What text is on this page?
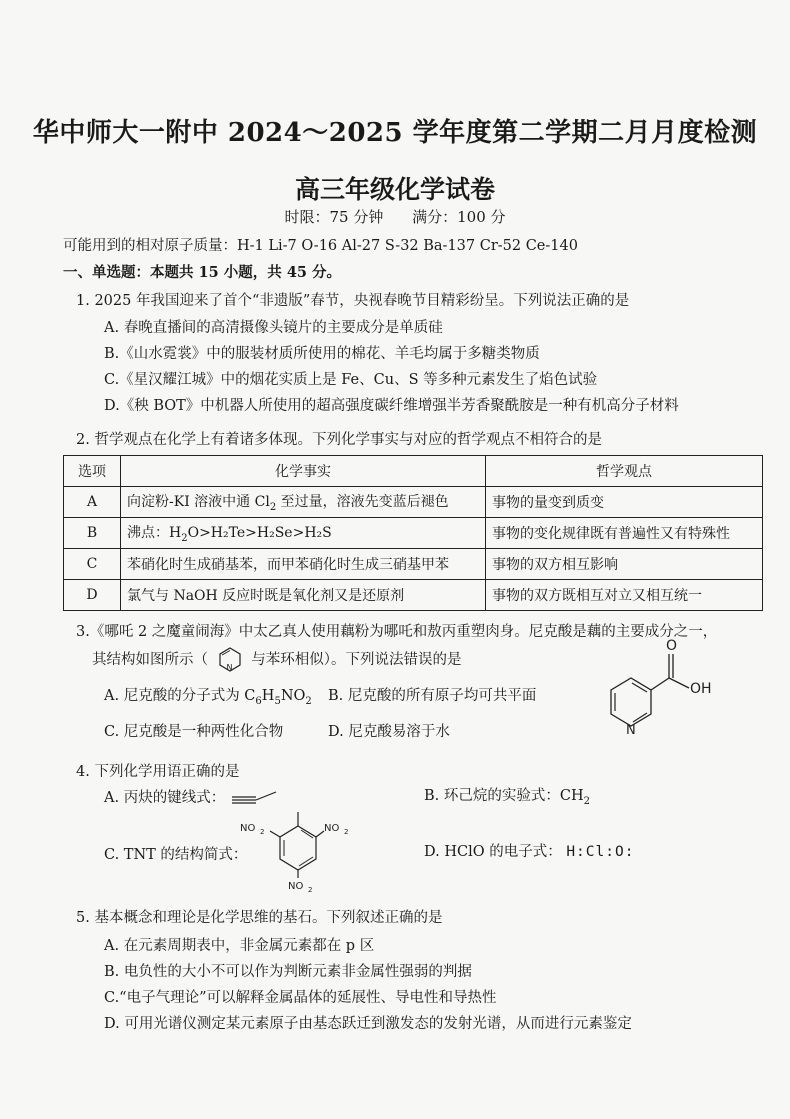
华中师大一附中 2024～2025 学年度第二学期二月月度检测
高三年级化学试卷
时限：75 分钟 满分：100 分
可能用到的相对原子质量：H-1 Li-7 O-16 Al-27 S-32 Ba-137 Cr-52 Ce-140
一、单选题：本题共 15 小题，共 45 分。
1. 2025 年我国迎来了首个“非遗版”春节，央视春晚节目精彩纷呈。下列说法正确的是
A. 春晚直播间的高清摄像头镜片的主要成分是单质硅
B.《山水霓裳》中的服装材质所使用的棉花、羊毛均属于多糖类物质
C.《星汉耀江城》中的烟花实质上是 Fe、Cu、S 等多种元素发生了焰色试验
D.《秧 BOT》中机器人所使用的超高强度碳纤维增强半芳香聚酰胺是一种有机高分子材料
2. 哲学观点在化学上有着诸多体现。下列化学事实与对应的哲学观点不相符合的是
选项	化学事实	哲学观点
A	向淀粉-KI 溶液中通 $Cl_2$ 至过量，溶液先变蓝后褪色	事物的量变到质变
B	沸点：$H_2O>H_2Te>H_2Se>H_2S$	事物的变化规律既有普遍性又有特殊性
C	苯硝化时生成硝基苯，而甲苯硝化时生成三硝基甲苯	事物的双方相互影响
D	氯气与 NaOH 反应时既是氧化剂又是还原剂	事物的双方既相互对立又相互统一
3.《哪吒 2 之魔童闹海》中太乙真人使用藕粉为哪吒和敖丙重塑肉身。尼克酸是藕的主要成分之一，
其结构如图所示（ N 与苯环相似）。下列说法错误的是
A. 尼克酸的分子式为 $C_6H_5NO_2$ B. 尼克酸的所有原子均可共平面
C. 尼克酸是一种两性化合物	D. 尼克酸易溶于水
O
OH
N
4. 下列化学用语正确的是
A. 丙炔的键线式：	B. 环己烷的实验式：$CH_2$
C. TNT 的结构简式：
NO 2	NO 2
NO 2
D. HClO 的电子式： H:Cl:O:
5. 基本概念和理论是化学思维的基石。下列叙述正确的是
A. 在元素周期表中，非金属元素都在 p 区
B. 电负性的大小不可以作为判断元素非金属性强弱的判据
C.“电子气理论”可以解释金属晶体的延展性、导电性和导热性
D. 可用光谱仪测定某元素原子由基态跃迁到激发态的发射光谱，从而进行元素鉴定
